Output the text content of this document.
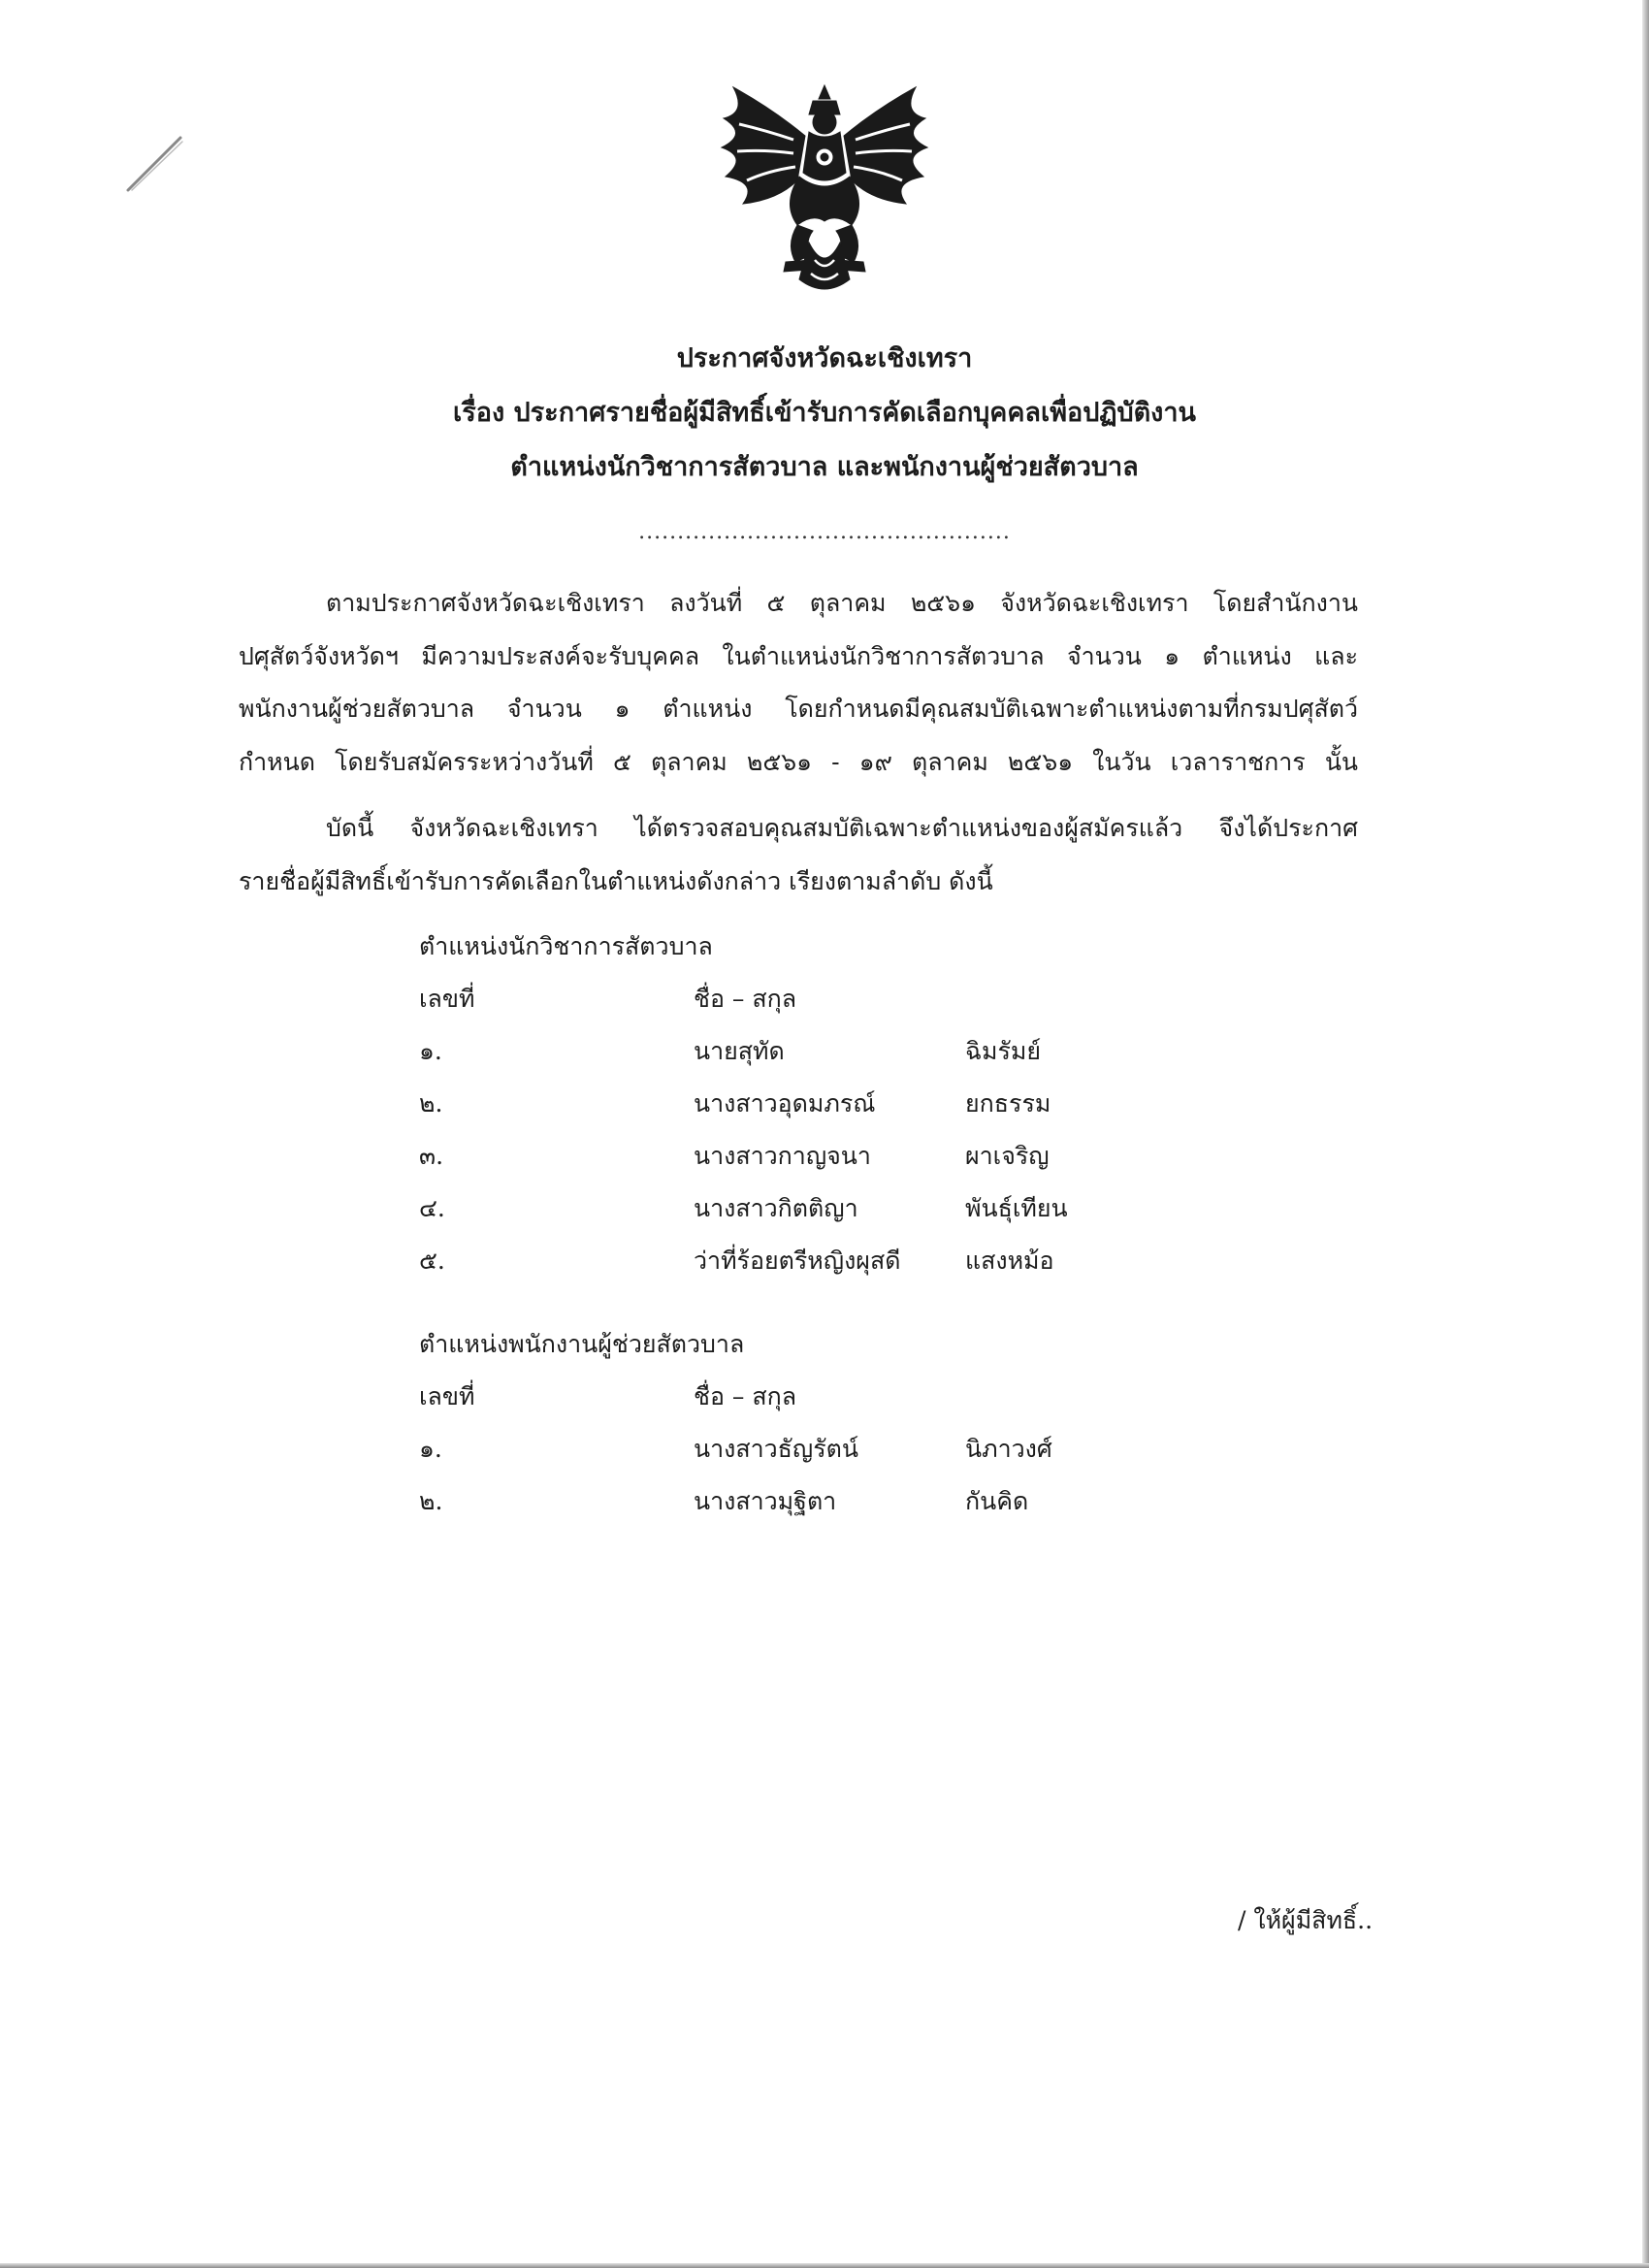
ประกาศจังหวัดฉะเชิงเทรา
เรื่อง ประกาศรายชื่อผู้มีสิทธิ์เข้ารับการคัดเลือกบุคคลเพื่อปฏิบัติงาน
ตำแหน่งนักวิชาการสัตวบาล และพนักงานผู้ช่วยสัตวบาล
................................................
ตามประกาศจังหวัดฉะเชิงเทรา ลงวันที่ ๕ ตุลาคม ๒๕๖๑ จังหวัดฉะเชิงเทรา โดยสำนักงาน
ปศุสัตว์จังหวัดฯ มีความประสงค์จะรับบุคคล ในตำแหน่งนักวิชาการสัตวบาล จำนวน ๑ ตำแหน่ง และ
พนักงานผู้ช่วยสัตวบาล จำนวน ๑ ตำแหน่ง โดยกำหนดมีคุณสมบัติเฉพาะตำแหน่งตามที่กรมปศุสัตว์
กำหนด โดยรับสมัครระหว่างวันที่ ๕ ตุลาคม ๒๕๖๑ - ๑๙ ตุลาคม ๒๕๖๑ ในวัน เวลาราชการ นั้น
บัดนี้ จังหวัดฉะเชิงเทรา ได้ตรวจสอบคุณสมบัติเฉพาะตำแหน่งของผู้สมัครแล้ว จึงได้ประกาศ
รายชื่อผู้มีสิทธิ์เข้ารับการคัดเลือกในตำแหน่งดังกล่าว เรียงตามลำดับ ดังนี้
ตำแหน่งนักวิชาการสัตวบาล
เลขที่	ชื่อ – สกุล
๑.	นายสุทัด	ฉิมรัมย์
๒.	นางสาวอุดมภรณ์	ยกธรรม
๓.	นางสาวกาญจนา	ผาเจริญ
๔.	นางสาวกิตติญา	พันธุ์เทียน
๕.	ว่าที่ร้อยตรีหญิงผุสดี	แสงหม้อ
ตำแหน่งพนักงานผู้ช่วยสัตวบาล
เลขที่	ชื่อ – สกุล
๑.	นางสาวธัญรัตน์	นิภาวงศ์
๒.	นางสาวมุฐิตา	กันคิด
/ ให้ผู้มีสิทธิ์..
